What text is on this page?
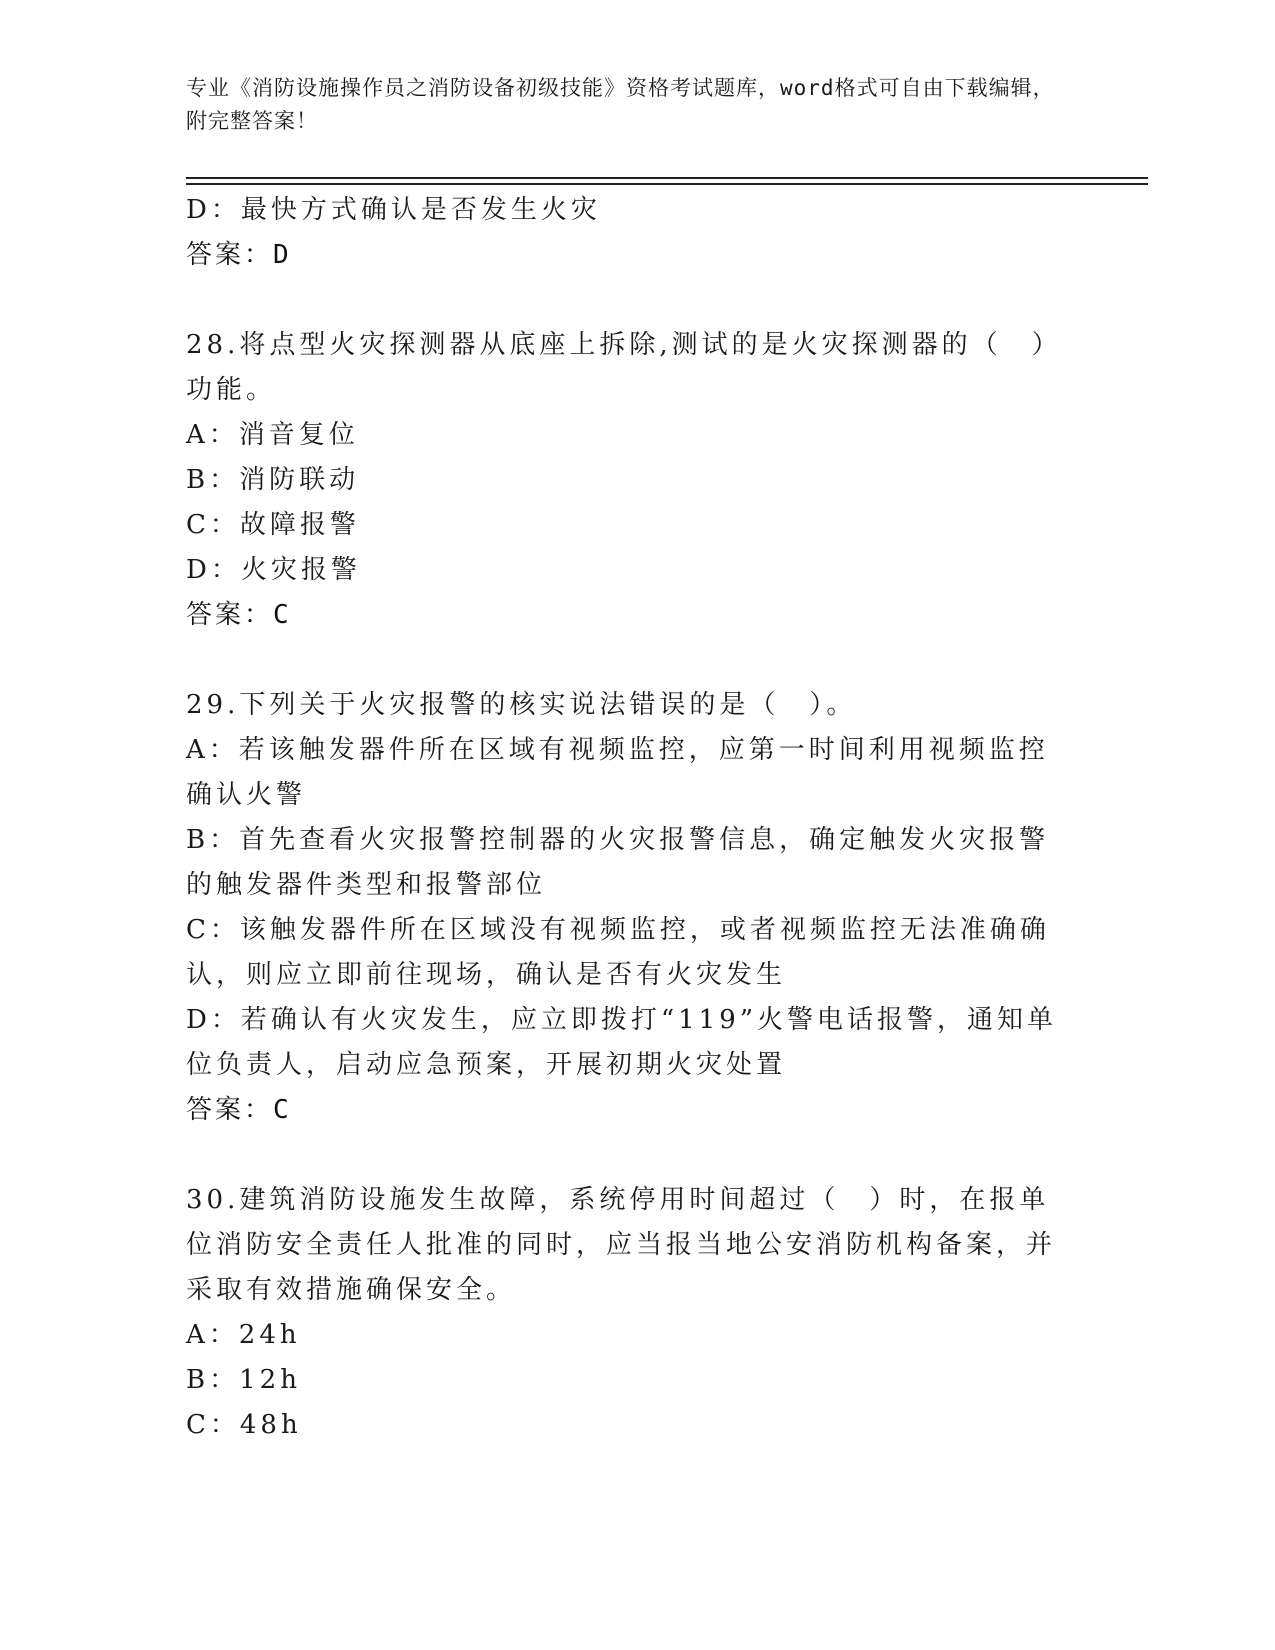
专业《消防设施操作员之消防设备初级技能》资格考试题库，word格式可自由下载编辑，附完整答案！

D：最快方式确认是否发生火灾

答案：D

28.将点型火灾探测器从底座上拆除,测试的是火灾探测器的（　）功能。

A：消音复位

B：消防联动

C：故障报警

D：火灾报警

答案：C

29.下列关于火灾报警的核实说法错误的是（　）。

A：若该触发器件所在区域有视频监控，应第一时间利用视频监控确认火警

B：首先查看火灾报警控制器的火灾报警信息，确定触发火灾报警的触发器件类型和报警部位

C：该触发器件所在区域没有视频监控，或者视频监控无法准确确认，则应立即前往现场，确认是否有火灾发生

D：若确认有火灾发生，应立即拨打“119”火警电话报警，通知单位负责人，启动应急预案，开展初期火灾处置

答案：C

30.建筑消防设施发生故障，系统停用时间超过（　）时，在报单位消防安全责任人批准的同时，应当报当地公安消防机构备案，并采取有效措施确保安全。

A：24h

B：12h

C：48h
